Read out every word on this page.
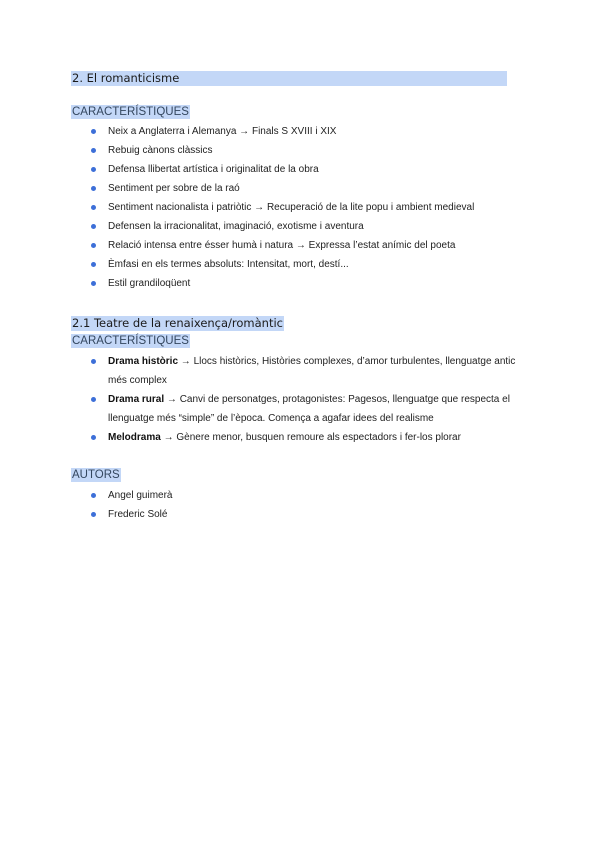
2. El romanticisme
CARACTERÍSTIQUES
Neix a Anglaterra i Alemanya → Finals S XVIII i XIX
Rebuig cànons clàssics
Defensa llibertat artística i originalitat de la obra
Sentiment per sobre de la raó
Sentiment nacionalista i patriòtic → Recuperació de la lite popu i ambient medieval
Defensen la irracionalitat, imaginació, exotisme i aventura
Relació intensa entre ésser humà i natura → Expressa l’estat anímic del poeta
Èmfasi en els termes absoluts: Intensitat, mort, destí...
Estil grandiloqüent
2.1 Teatre de la renaixença/romàntic
CARACTERÍSTIQUES
Drama històric → Llocs històrics, Històries complexes, d’amor turbulentes, llenguatge antic més complex
Drama rural → Canvi de personatges, protagonistes: Pagesos, llenguatge que respecta el llenguatge més “simple” de l’època. Comença a agafar idees del realisme
Melodrama → Gènere menor, busquen remoure als espectadors i fer-los plorar
AUTORS
Angel guimerà
Frederic Solé
